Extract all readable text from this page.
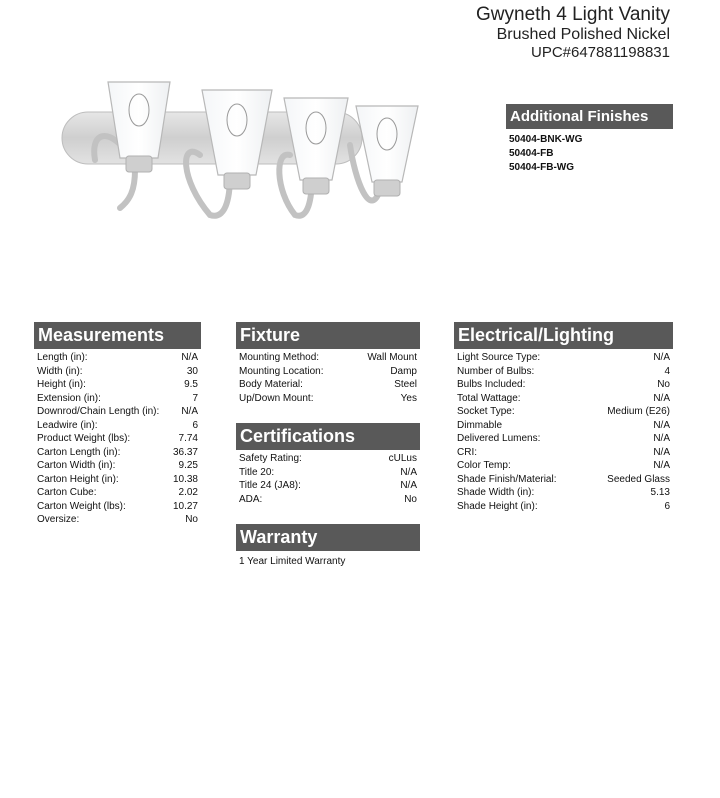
Gwyneth 4 Light Vanity
Brushed Polished Nickel
UPC#647881198831
Additional Finishes
50404-BNK-WG
50404-FB
50404-FB-WG
Measurements
Length (in):	N/A
Width (in):	30
Height (in):	9.5
Extension (in):	7
Downrod/Chain Length (in): N/A
Leadwire (in):	6
Product Weight (lbs):	7.74
Carton Length (in):	36.37
Carton Width (in):	9.25
Carton Height (in):	10.38
Carton Cube:	2.02
Carton Weight (lbs):	10.27
Oversize:	No
Fixture
Mounting Method:	Wall Mount
Mounting Location:	Damp
Body Material:	Steel
Up/Down Mount:	Yes
Certifications
Safety Rating:	cULus
Title 20:	N/A
Title 24 (JA8):	N/A
ADA:	No
Warranty
1 Year Limited Warranty
Electrical/Lighting
Light Source Type:	N/A
Number of Bulbs:	4
Bulbs Included:	No
Total Wattage:	N/A
Socket Type:	Medium (E26)
Dimmable	N/A
Delivered Lumens:	N/A
CRI:	N/A
Color Temp:	N/A
Shade Finish/Material:	Seeded Glass
Shade Width (in):	5.13
Shade Height (in):	6
